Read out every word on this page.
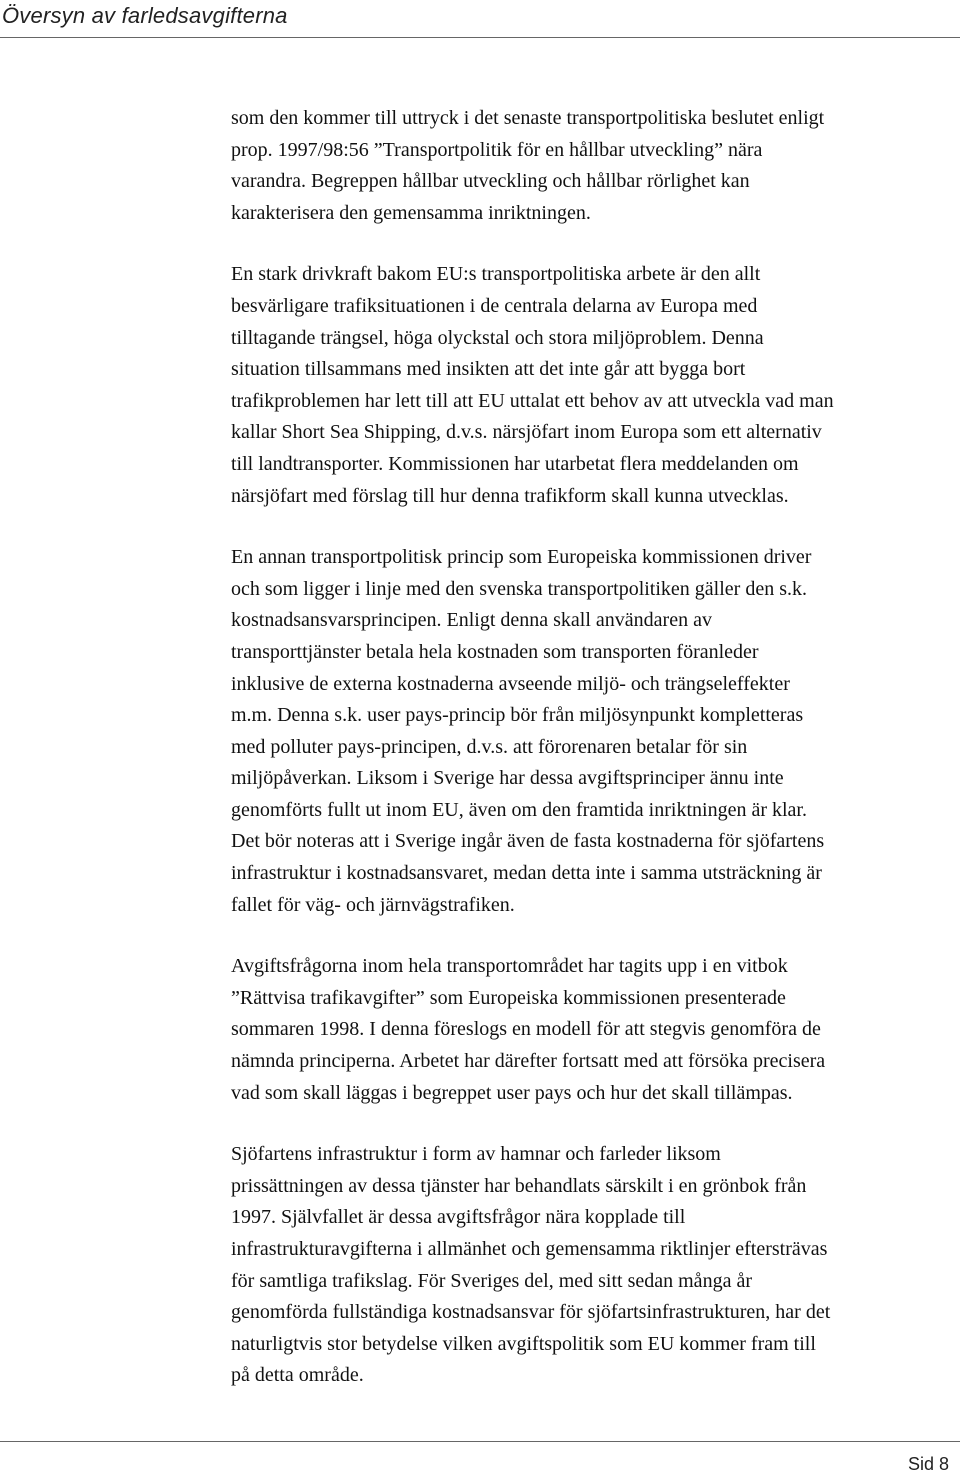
Översyn av farledsavgifterna

som den kommer till uttryck i det senaste transportpolitiska beslutet enligt
prop. 1997/98:56 ”Transportpolitik för en hållbar utveckling” nära
varandra. Begreppen hållbar utveckling och hållbar rörlighet kan
karakterisera den gemensamma inriktningen.

En stark drivkraft bakom EU:s transportpolitiska arbete är den allt
besvärligare trafiksituationen i de centrala delarna av Europa med
tilltagande trängsel, höga olyckstal och stora miljöproblem. Denna
situation tillsammans med insikten att det inte går att bygga bort
trafikproblemen har lett till att EU uttalat ett behov av att utveckla vad man
kallar Short Sea Shipping, d.v.s. närsjöfart inom Europa som ett alternativ
till landtransporter. Kommissionen har utarbetat flera meddelanden om
närsjöfart med förslag till hur denna trafikform skall kunna utvecklas.

En annan transportpolitisk princip som Europeiska kommissionen driver
och som ligger i linje med den svenska transportpolitiken gäller den s.k.
kostnadsansvarsprincipen. Enligt denna skall användaren av
transporttjänster betala hela kostnaden som transporten föranleder
inklusive de externa kostnaderna avseende miljö- och trängseleffekter
m.m. Denna s.k. user pays-princip bör från miljösynpunkt kompletteras
med polluter pays-principen, d.v.s. att förorenaren betalar för sin
miljöpåverkan. Liksom i Sverige har dessa avgiftsprinciper ännu inte
genomförts fullt ut inom EU, även om den framtida inriktningen är klar.
Det bör noteras att i Sverige ingår även de fasta kostnaderna för sjöfartens
infrastruktur i kostnadsansvaret, medan detta inte i samma utsträckning är
fallet för väg- och järnvägstrafiken.

Avgiftsfrågorna inom hela transportområdet har tagits upp i en vitbok
”Rättvisa trafikavgifter” som Europeiska kommissionen presenterade
sommaren 1998. I denna föreslogs en modell för att stegvis genomföra de
nämnda principerna. Arbetet har därefter fortsatt med att försöka precisera
vad som skall läggas i begreppet user pays och hur det skall tillämpas.

Sjöfartens infrastruktur i form av hamnar och farleder liksom
prissättningen av dessa tjänster har behandlats särskilt i en grönbok från
1997. Självfallet är dessa avgiftsfrågor nära kopplade till
infrastrukturavgifterna i allmänhet och gemensamma riktlinjer eftersträvas
för samtliga trafikslag. För Sveriges del, med sitt sedan många år
genomförda fullständiga kostnadsansvar för sjöfartsinfrastrukturen, har det
naturligtvis stor betydelse vilken avgiftspolitik som EU kommer fram till
på detta område.

Sid 8
